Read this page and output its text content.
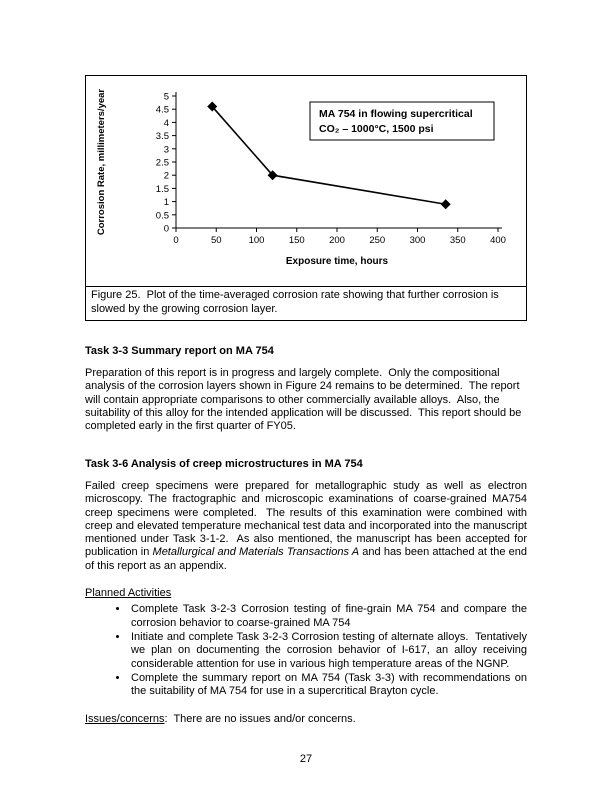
0
0.5
1
1.5
2
2.5
3
3.5
4
4.5
5
0	50	100	150	200	250	300	350	400
Corrosion Rate, millimeters/year
Exposure time, hours
MA 754 in flowing supercritical
CO₂ – 1000°C, 1500 psi
Figure 25.  Plot of the time-averaged corrosion rate showing that further corrosion is slowed by the growing corrosion layer.

Task 3-3 Summary report on MA 754

Preparation of this report is in progress and largely complete.  Only the compositional analysis of the corrosion layers shown in Figure 24 remains to be determined.  The report will contain appropriate comparisons to other commercially available alloys.  Also, the suitability of this alloy for the intended application will be discussed.  This report should be completed early in the first quarter of FY05.

Task 3-6 Analysis of creep microstructures in MA 754

Failed creep specimens were prepared for metallographic study as well as electron microscopy. The fractographic and microscopic examinations of coarse-grained MA754 creep specimens were completed.  The results of this examination were combined with creep and elevated temperature mechanical test data and incorporated into the manuscript mentioned under Task 3-1-2.  As also mentioned, the manuscript has been accepted for publication in Metallurgical and Materials Transactions A and has been attached at the end of this report as an appendix.

Planned Activities

• Complete Task 3-2-3 Corrosion testing of fine-grain MA 754 and compare the corrosion behavior to coarse-grained MA 754
• Initiate and complete Task 3-2-3 Corrosion testing of alternate alloys.  Tentatively we plan on documenting the corrosion behavior of I-617, an alloy receiving considerable attention for use in various high temperature areas of the NGNP.
• Complete the summary report on MA 754 (Task 3-3) with recommendations on the suitability of MA 754 for use in a supercritical Brayton cycle.

Issues/concerns:  There are no issues and/or concerns.

27
